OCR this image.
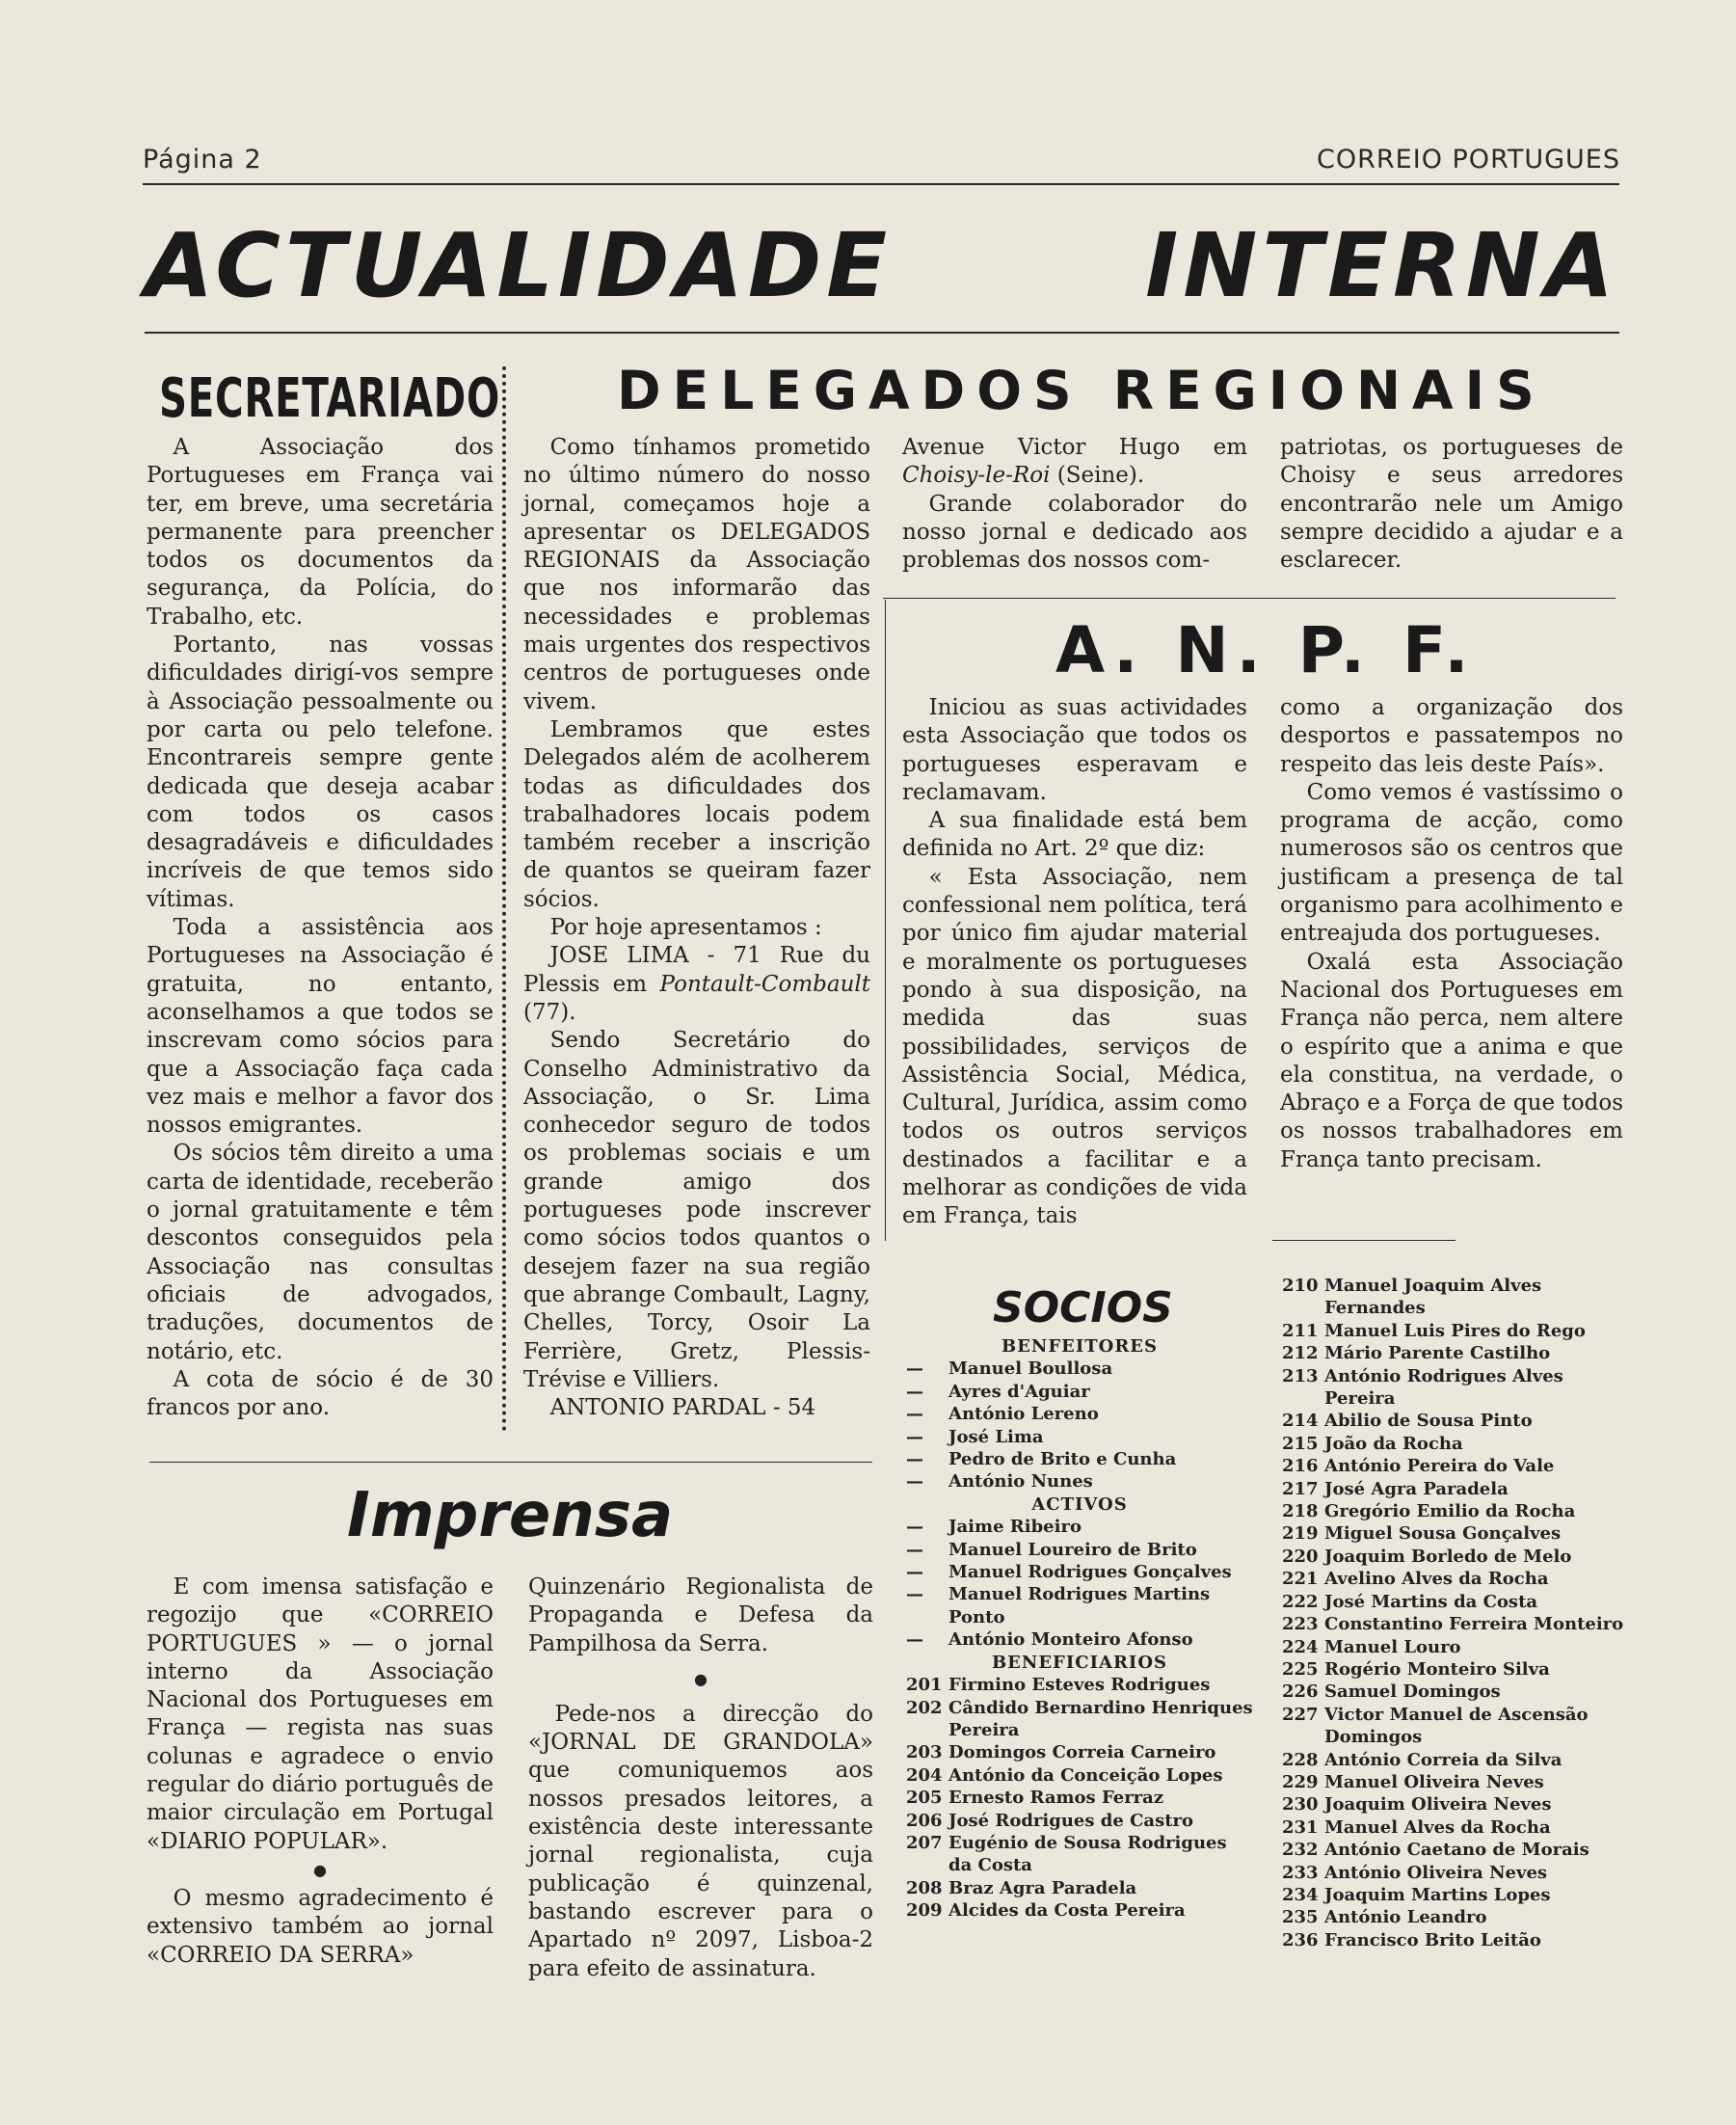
Página 2	CORREIO PORTUGUES
ACTUALIDADE	INTERNA
SECRETARIADO

A Associação dos Portugueses em França vai ter, em breve, uma secretária permanente para preencher todos os documentos da segurança, da Polícia, do Trabalho, etc.

Portanto, nas vossas dificuldades dirigí-vos sempre à Associação pessoalmente ou por carta ou pelo telefone. Encontrareis sempre gente dedicada que deseja acabar com todos os casos desagradáveis e dificuldades incríveis de que temos sido vítimas.

Toda a assistência aos Portugueses na Associação é gratuita, no entanto, aconselhamos a que todos se inscrevam como sócios para que a Associação faça cada vez mais e melhor a favor dos nossos emigrantes.

Os sócios têm direito a uma carta de identidade, receberão o jornal gratuitamente e têm descontos conseguidos pela Associação nas consultas oficiais de advogados, traduções, documentos de notário, etc.

A cota de sócio é de 30 francos por ano.

DELEGADOS REGIONAIS

Como tínhamos prometido no último número do nosso jornal, começamos hoje a apresentar os DELEGADOS REGIONAIS da Associação que nos informarão das necessidades e problemas mais urgentes dos respectivos centros de portugueses onde vivem.

Lembramos que estes Delegados além de acolherem todas as dificuldades dos trabalhadores locais podem também receber a inscrição de quantos se queiram fazer sócios.

Por hoje apresentamos :

JOSE LIMA - 71 Rue du Plessis em Pontault-Combault (77).

Sendo Secretário do Conselho Administrativo da Associação, o Sr. Lima conhecedor seguro de todos os problemas sociais e um grande amigo dos portugueses pode inscrever como sócios todos quantos o desejem fazer na sua região que abrange Combault, Lagny, Chelles, Torcy, Osoir La Ferrière, Gretz, Plessis-Trévise e Villiers.

ANTONIO PARDAL - 54

Avenue Victor Hugo em Choisy-le-Roi (Seine).

Grande colaborador do nosso jornal e dedicado aos problemas dos nossos com-

patriotas, os portugueses de Choisy e seus arredores encontrarão nele um Amigo sempre decidido a ajudar e a esclarecer.

A. N. P. F.

Iniciou as suas actividades esta Associação que todos os portugueses esperavam e reclamavam.

A sua finalidade está bem definida no Art. 2º que diz:

« Esta Associação, nem confessional nem política, terá por único fim ajudar material e moralmente os portugueses pondo à sua disposição, na medida das suas possibilidades, serviços de Assistência Social, Médica, Cultural, Jurídica, assim como todos os outros serviços destinados a facilitar e a melhorar as condições de vida em França, tais

como a organização dos desportos e passatempos no respeito das leis deste País».

Como vemos é vastíssimo o programa de acção, como numerosos são os centros que justificam a presença de tal organismo para acolhimento e entreajuda dos portugueses.

Oxalá esta Associação Nacional dos Portugueses em França não perca, nem altere o espírito que a anima e que ela constitua, na verdade, o Abraço e a Força de que todos os nossos trabalhadores em França tanto precisam.

Imprensa

E com imensa satisfação e regozijo que «CORREIO PORTUGUES » — o jornal interno da Associação Nacional dos Portugueses em França — regista nas suas colunas e agradece o envio regular do diário português de maior circulação em Portugal «DIARIO POPULAR».

●

O mesmo agradecimento é extensivo também ao jornal «CORREIO DA SERRA»

Quinzenário Regionalista de Propaganda e Defesa da Pampilhosa da Serra.

●

Pede-nos a direcção do «JORNAL DE GRANDOLA» que comuniquemos aos nossos presados leitores, a existência deste interessante jornal regionalista, cuja publicação é quinzenal, bastando escrever para o Apartado nº 2097, Lisboa-2 para efeito de assinatura.

SOCIOS
BENFEITORES
—	Manuel Boullosa
—	Ayres d'Aguiar
—	António Lereno
—	José Lima
—	Pedro de Brito e Cunha
—	António Nunes
ACTIVOS
—	Jaime Ribeiro
—	Manuel Loureiro de Brito
—	Manuel Rodrigues Gonçalves
—	Manuel Rodrigues Martins Ponto
—	António Monteiro Afonso
BENEFICIARIOS
201 Firmino Esteves Rodrigues
202 Cândido Bernardino Henriques Pereira
203 Domingos Correia Carneiro
204 António da Conceição Lopes
205 Ernesto Ramos Ferraz
206 José Rodrigues de Castro
207 Eugénio de Sousa Rodrigues da Costa
208 Braz Agra Paradela
209 Alcides da Costa Pereira
210 Manuel Joaquim Alves Fernandes
211 Manuel Luis Pires do Rego
212 Mário Parente Castilho
213 António Rodrigues Alves Pereira
214 Abilio de Sousa Pinto
215 João da Rocha
216 António Pereira do Vale
217 José Agra Paradela
218 Gregório Emilio da Rocha
219 Miguel Sousa Gonçalves
220 Joaquim Borledo de Melo
221 Avelino Alves da Rocha
222 José Martins da Costa
223 Constantino Ferreira Monteiro
224 Manuel Louro
225 Rogério Monteiro Silva
226 Samuel Domingos
227 Victor Manuel de Ascensão Domingos
228 António Correia da Silva
229 Manuel Oliveira Neves
230 Joaquim Oliveira Neves
231 Manuel Alves da Rocha
232 António Caetano de Morais
233 António Oliveira Neves
234 Joaquim Martins Lopes
235 António Leandro
236 Francisco Brito Leitão
